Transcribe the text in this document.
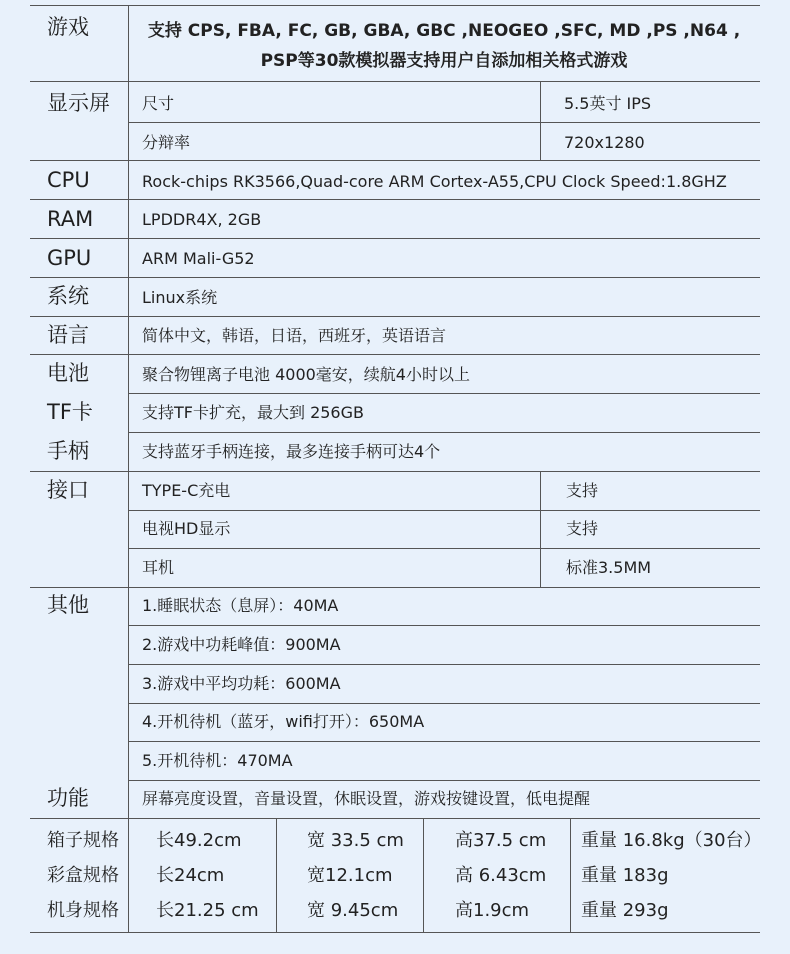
游戏	支持 CPS, FBA, FC, GB, GBA, GBC ,NEOGEO ,SFC, MD ,PS ,N64 ,
PSP等30款模拟器支持用户自添加相关格式游戏
显示屏 尺寸	5.5英寸 IPS
分辩率	720x1280
CPU	Rock-chips RK3566,Quad-core ARM Cortex-A55,CPU Clock Speed:1.8GHZ
RAM	LPDDR4X, 2GB
GPU	ARM Mali-G52
系统	Linux系统
语言	简体中文，韩语，日语，西班牙，英语语言
电池	聚合物锂离子电池 4000毫安，续航4小时以上
TF卡	支持TF卡扩充，最大到 256GB
手柄	支持蓝牙手柄连接，最多连接手柄可达4个
接口	TYPE-C充电	支持
电视HD显示	支持
耳机	标准3.5MM
其他	1.睡眠状态（息屏）：40MA
2.游戏中功耗峰值：900MA
3.游戏中平均功耗：600MA
4.开机待机（蓝牙，wifi打开）：650MA
5.开机待机：470MA
功能	屏幕亮度设置，音量设置，休眠设置，游戏按键设置，低电提醒
箱子规格 长49.2cm	宽 33.5 cm	高37.5 cm 重量 16.8kg（30台）
彩盒规格 长24cm	宽12.1cm	高 6.43cm 重量 183g
机身规格 长21.25 cm	宽 9.45cm	高1.9cm	重量 293g
